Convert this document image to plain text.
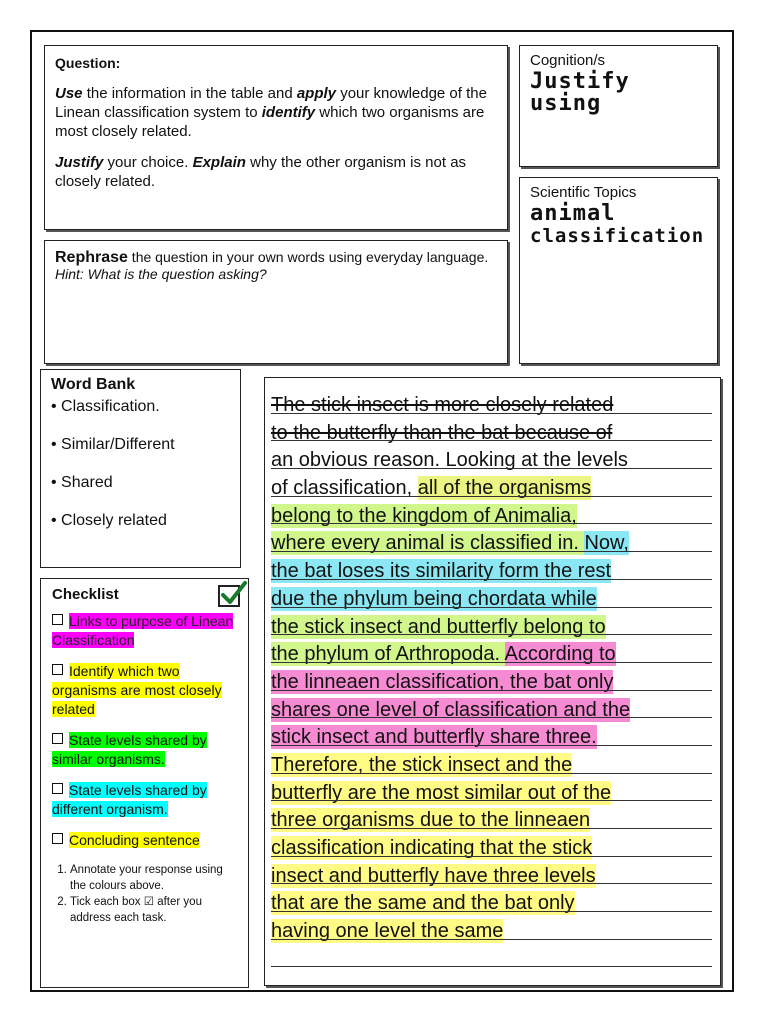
Question:

Use the information in the table and apply your knowledge of the Linean classification system to identify which two organisms are most closely related.

Justify your choice. Explain why the other organism is not as closely related.

Cognition/s
Justify
using
Scientific Topics
animal
classification
Rephrase the question in your own words using everyday language. Hint: What is the question asking?
Word Bank
• Classification.
• Similar/Different
• Shared
• Closely related
Checklist
Links to purpose of Linean Classification
Identify which two organisms are most closely related
State levels shared by similar organisms.
State levels shared by different organism.
Concluding sentence
1. Annotate your response using the colours above.
2. Tick each box ☑ after you address each task.
The stick insect is more closely related
to the butterfly than the bat because of
an obvious reason. Looking at the levels
of classification, all of the organisms
belong to the kingdom of Animalia,
where every animal is classified in. Now,
the bat loses its similarity form the rest
due the phylum being chordata while
the stick insect and butterfly belong to
the phylum of Arthropoda. According to
the linneaen classification, the bat only
shares one level of classification and the
stick insect and butterfly share three.
Therefore, the stick insect and the
butterfly are the most similar out of the
three organisms due to the linneaen
classification indicating that the stick
insect and butterfly have three levels
that are the same and the bat only
having one level the same
